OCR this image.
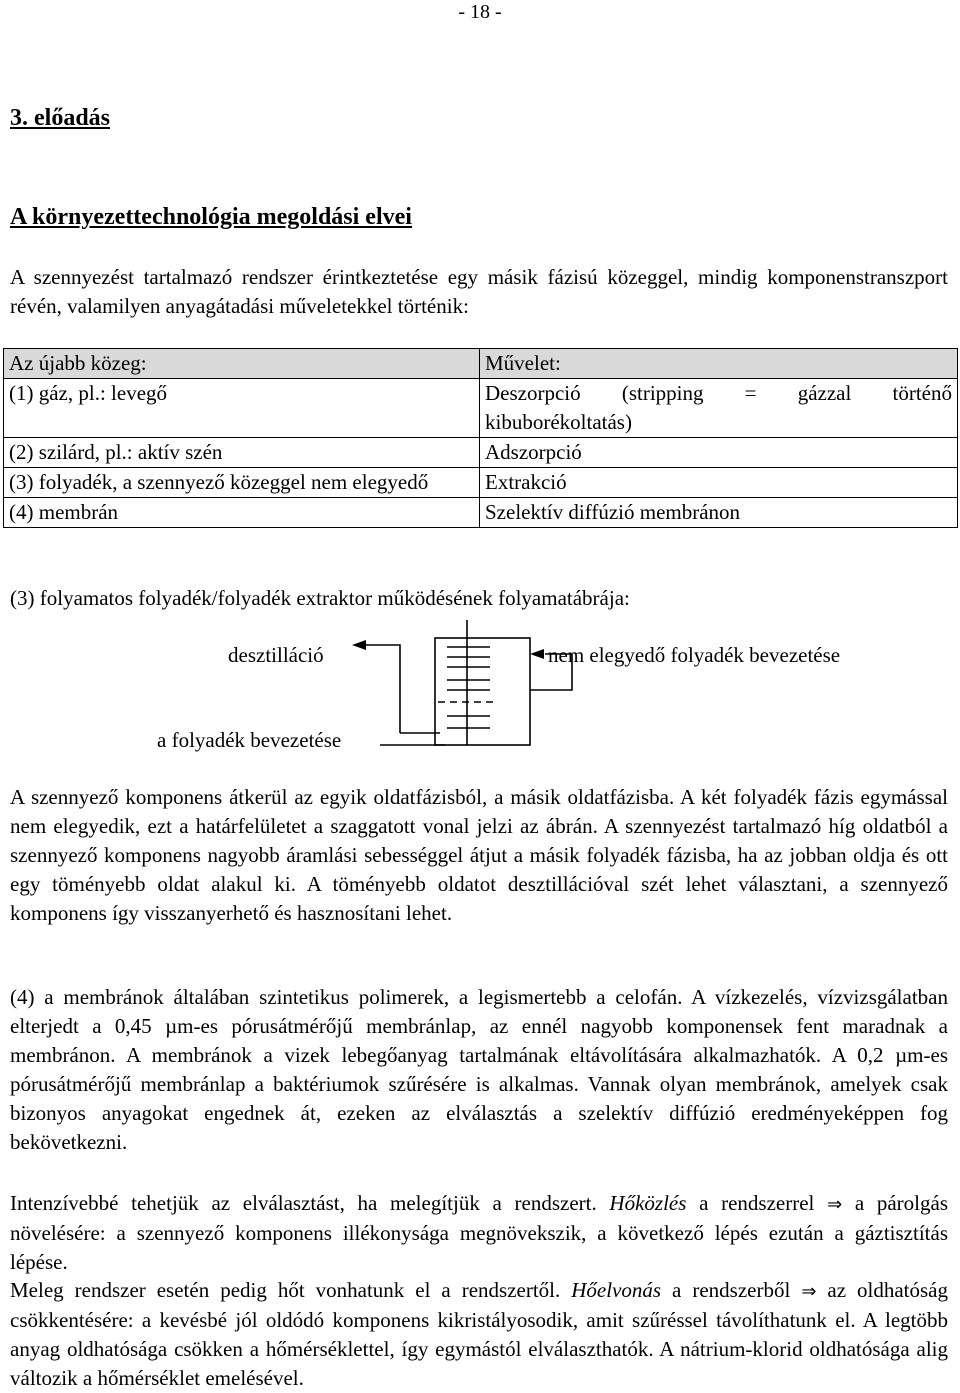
- 18 -
3. előadás
A környezettechnológia megoldási elvei

A szennyezést tartalmazó rendszer érintkeztetése egy másik fázisú közeggel, mindig komponenstranszport révén, valamilyen anyagátadási műveletekkel történik:

Az újabb közeg:	Művelet:
(1) gáz, pl.: levegő	Deszorpció (stripping = gázzal történő kibuborékoltatás)

(2) szilárd, pl.: aktív szén	Adszorpció
(3) folyadék, a szennyező közeggel nem elegyedő	Extrakció
(4) membrán	Szelektív diffúzió membránon

(3) folyamatos folyadék/folyadék extraktor működésének folyamatábrája:

desztilláció	nem elegyedő folyadék bevezetése
a folyadék bevezetése

A szennyező komponens átkerül az egyik oldatfázisból, a másik oldatfázisba. A két folyadék fázis egymással nem elegyedik, ezt a határfelületet a szaggatott vonal jelzi az ábrán. A szennyezést tartalmazó híg oldatból a szennyező komponens nagyobb áramlási sebességgel átjut a másik folyadék fázisba, ha az jobban oldja és ott egy töményebb oldat alakul ki. A töményebb oldatot desztillációval szét lehet választani, a szennyező komponens így visszanyerhető és hasznosítani lehet.

(4) a membránok általában szintetikus polimerek, a legismertebb a celofán. A vízkezelés, vízvizsgálatban elterjedt a 0,45 µm-es pórusátmérőjű membránlap, az ennél nagyobb komponensek fent maradnak a membránon. A membránok a vizek lebegőanyag tartalmának eltávolítására alkalmazhatók. A 0,2 µm-es pórusátmérőjű membránlap a baktériumok szűrésére is alkalmas. Vannak olyan membránok, amelyek csak bizonyos anyagokat engednek át, ezeken az elválasztás a szelektív diffúzió eredményeképpen fog bekövetkezni.

Intenzívebbé tehetjük az elválasztást, ha melegítjük a rendszert. Hőközlés a rendszerrel ⇒ a párolgás növelésére: a szennyező komponens illékonysága megnövekszik, a következő lépés ezután a gáztisztítás lépése.

Meleg rendszer esetén pedig hőt vonhatunk el a rendszertől. Hőelvonás a rendszerből ⇒ az oldhatóság csökkentésére: a kevésbé jól oldódó komponens kikristályosodik, amit szűréssel távolíthatunk el. A legtöbb anyag oldhatósága csökken a hőmérséklettel, így egymástól elválaszthatók. A nátrium-klorid oldhatósága alig változik a hőmérséklet emelésével.
